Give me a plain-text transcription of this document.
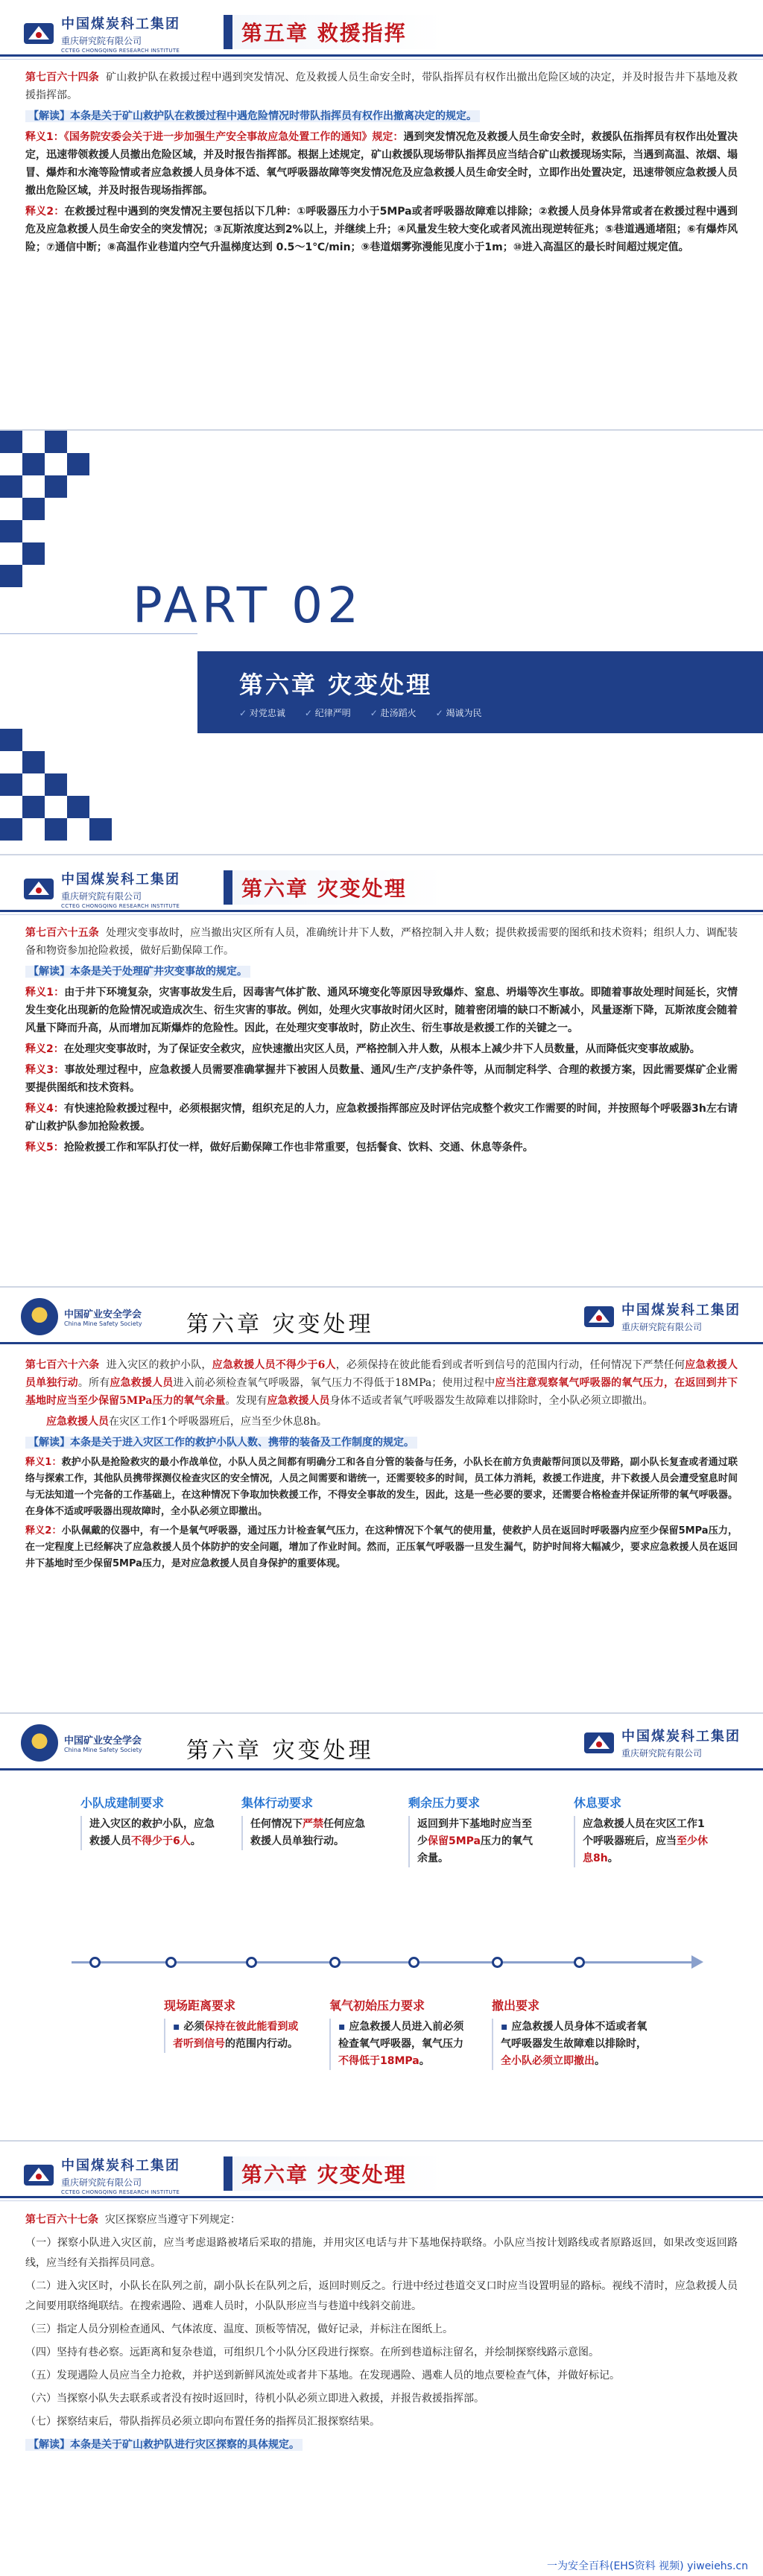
中国煤炭科工集团
重庆研究院有限公司
CCTEG CHONGQING RESEARCH INSTITUTE
第五章 救援指挥

第七百六十四条 矿山救护队在救援过程中遇到突发情况、危及救援人员生命安全时，带队指挥员有权作出撤出危险区域的决定，并及时报告井下基地及救援指挥部。

【解读】本条是关于矿山救护队在救援过程中遇危险情况时带队指挥员有权作出撤离决定的规定。

释义1：《国务院安委会关于进一步加强生产安全事故应急处置工作的通知》规定：遇到突发情况危及救援人员生命安全时，救援队伍指挥员有权作出处置决定，迅速带领救援人员撤出危险区域，并及时报告指挥部。根据上述规定，矿山救援队现场带队指挥员应当结合矿山救援现场实际，当遇到高温、浓烟、塌冒、爆炸和水淹等险情或者应急救援人员身体不适、氧气呼吸器故障等突发情况危及应急救援人员生命安全时，立即作出处置决定，迅速带领应急救援人员撤出危险区域，并及时报告现场指挥部。

释义2：在救援过程中遇到的突发情况主要包括以下几种：①呼吸器压力小于5MPa或者呼吸器故障难以排除；②救援人员身体异常或者在救援过程中遇到危及应急救援人员生命安全的突发情况；③瓦斯浓度达到2%以上，并继续上升；④风量发生较大变化或者风流出现逆转征兆；⑤巷道遇通堵阻；⑥有爆炸风险；⑦通信中断；⑧高温作业巷道内空气升温梯度达到 0.5～1℃/min；⑨巷道烟雾弥漫能见度小于1m；⑩进入高温区的最长时间超过规定值。

PART 02
第六章 灾变处理
✓ 对党忠诚	✓ 纪律严明	✓ 赴汤蹈火	✓ 竭诚为民
中国煤炭科工集团
重庆研究院有限公司
CCTEG CHONGQING RESEARCH INSTITUTE
第六章 灾变处理

第七百六十五条 处理灾变事故时，应当撤出灾区所有人员，准确统计井下人数，严格控制入井人数；提供救援需要的图纸和技术资料；组织人力、调配装备和物资参加抢险救援，做好后勤保障工作。

【解读】本条是关于处理矿井灾变事故的规定。

释义1：由于井下环境复杂，灾害事故发生后，因毒害气体扩散、通风环境变化等原因导致爆炸、窒息、坍塌等次生事故。即随着事故处理时间延长，灾情发生变化出现新的危险情况或造成次生、衍生灾害的事故。例如，处理火灾事故时闭火区时，随着密闭墙的缺口不断减小，风量逐渐下降，瓦斯浓度会随着风量下降而升高，从而增加瓦斯爆炸的危险性。因此，在处理灾变事故时，防止次生、衍生事故是救援工作的关键之一。

释义2：在处理灾变事故时，为了保证安全救灾，应快速撤出灾区人员，严格控制入井人数，从根本上减少井下人员数量，从而降低灾变事故威胁。

释义3：事故处理过程中，应急救援人员需要准确掌握井下被困人员数量、通风/生产/支护条件等，从而制定科学、合理的救援方案，因此需要煤矿企业需要提供图纸和技术资料。

释义4：有快速抢险救援过程中，必须根据灾情，组织充足的人力，应急救援指挥部应及时评估完成整个救灾工作需要的时间，并按照每个呼吸器3h左右请矿山救护队参加抢险救援。

释义5：抢险救援工作和军队打仗一样，做好后勤保障工作也非常重要，包括餐食、饮料、交通、休息等条件。

中国矿业安全学会
China Mine Safety Society 第六章 灾变处理
中国煤炭科工集团
重庆研究院有限公司

第七百六十六条 进入灾区的救护小队，应急救援人员不得少于6人，必须保持在彼此能看到或者听到信号的范围内行动，任何情况下严禁任何应急救援人员单独行动。所有应急救援人员进入前必须检查氧气呼吸器，氧气压力不得低于18MPa；使用过程中应当注意观察氧气呼吸器的氧气压力，在返回到井下基地时应当至少保留5MPa压力的氧气余量。发现有应急救援人员身体不适或者氧气呼吸器发生故障难以排除时，全小队必须立即撤出。

应急救援人员在灾区工作1个呼吸器班后，应当至少休息8h。

【解读】本条是关于进入灾区工作的救护小队人数、携带的装备及工作制度的规定。

释义1：救护小队是抢险救灾的最小作战单位，小队人员之间都有明确分工和各自分管的装备与任务，小队长在前方负责敲帮问顶以及带路，副小队长复查或者通过联络与探索工作，其他队员携带探测仪检查灾区的安全情况，人员之间需要和谐统一，还需要较多的时间，员工体力消耗，救援工作进度，井下救援人员会遭受窒息时间与无法知道一个完备的工作基础上，在这种情况下争取加快救援工作，不得安全事故的发生，因此，这是一些必要的要求，还需要合格检查并保证所带的氧气呼吸器。在身体不适或呼吸器出现故障时，全小队必须立即撤出。

释义2：小队佩戴的仪器中，有一个是氧气呼吸器，通过压力计检查氧气压力，在这种情况下个氧气的使用量，使救护人员在返回时呼吸器内应至少保留5MPa压力，在一定程度上已经解决了应急救援人员个体防护的安全问题，增加了作业时间。然而，正压氧气呼吸器一旦发生漏气，防护时间将大幅减少，要求应急救援人员在返回井下基地时至少保留5MPa压力，是对应急救援人员自身保护的重要体现。

中国矿业安全学会
China Mine Safety Society 第六章 灾变处理
中国煤炭科工集团
重庆研究院有限公司
小队成建制要求
进入灾区的救护小队，应急救援人员不得少于6人。
集体行动要求
任何情况下严禁任何应急救援人员单独行动。
剩余压力要求
返回到井下基地时应当至少保留5MPa压力的氧气余量。
休息要求
应急救援人员在灾区工作1个呼吸器班后，应当至少休息8h。
现场距离要求
▪ 必须保持在彼此能看到或者听到信号的范围内行动。
氧气初始压力要求
▪ 应急救援人员进入前必须检查氧气呼吸器，氧气压力不得低于18MPa。
撤出要求
▪ 应急救援人员身体不适或者氧气呼吸器发生故障难以排除时，全小队必须立即撤出。
中国煤炭科工集团
重庆研究院有限公司
CCTEG CHONGQING RESEARCH INSTITUTE
第六章 灾变处理

第七百六十七条 灾区探察应当遵守下列规定：

（一）探察小队进入灾区前，应当考虑退路被堵后采取的措施，并用灾区电话与井下基地保持联络。小队应当按计划路线或者原路返回，如果改变返回路线，应当经有关指挥员同意。

（二）进入灾区时，小队长在队列之前，副小队长在队列之后，返回时则反之。行进中经过巷道交叉口时应当设置明显的路标。视线不清时，应急救援人员之间要用联络绳联结。在搜索遇险、遇难人员时，小队队形应当与巷道中线斜交前进。

（三）指定人员分别检查通风、气体浓度、温度、顶板等情况，做好记录，并标注在图纸上。

（四）坚持有巷必察。远距离和复杂巷道，可组织几个小队分区段进行探察。在所到巷道标注留名，并绘制探察线路示意图。

（五）发现遇险人员应当全力抢救，并护送到新鲜风流处或者井下基地。在发现遇险、遇难人员的地点要检查气体，并做好标记。

（六）当探察小队失去联系或者没有按时返回时，待机小队必须立即进入救援，并报告救援指挥部。

（七）探察结束后，带队指挥员必须立即向布置任务的指挥员汇报探察结果。

【解读】本条是关于矿山救护队进行灾区探察的具体规定。

一为安全百科(EHS资料 视频) yiweiehs.cn
